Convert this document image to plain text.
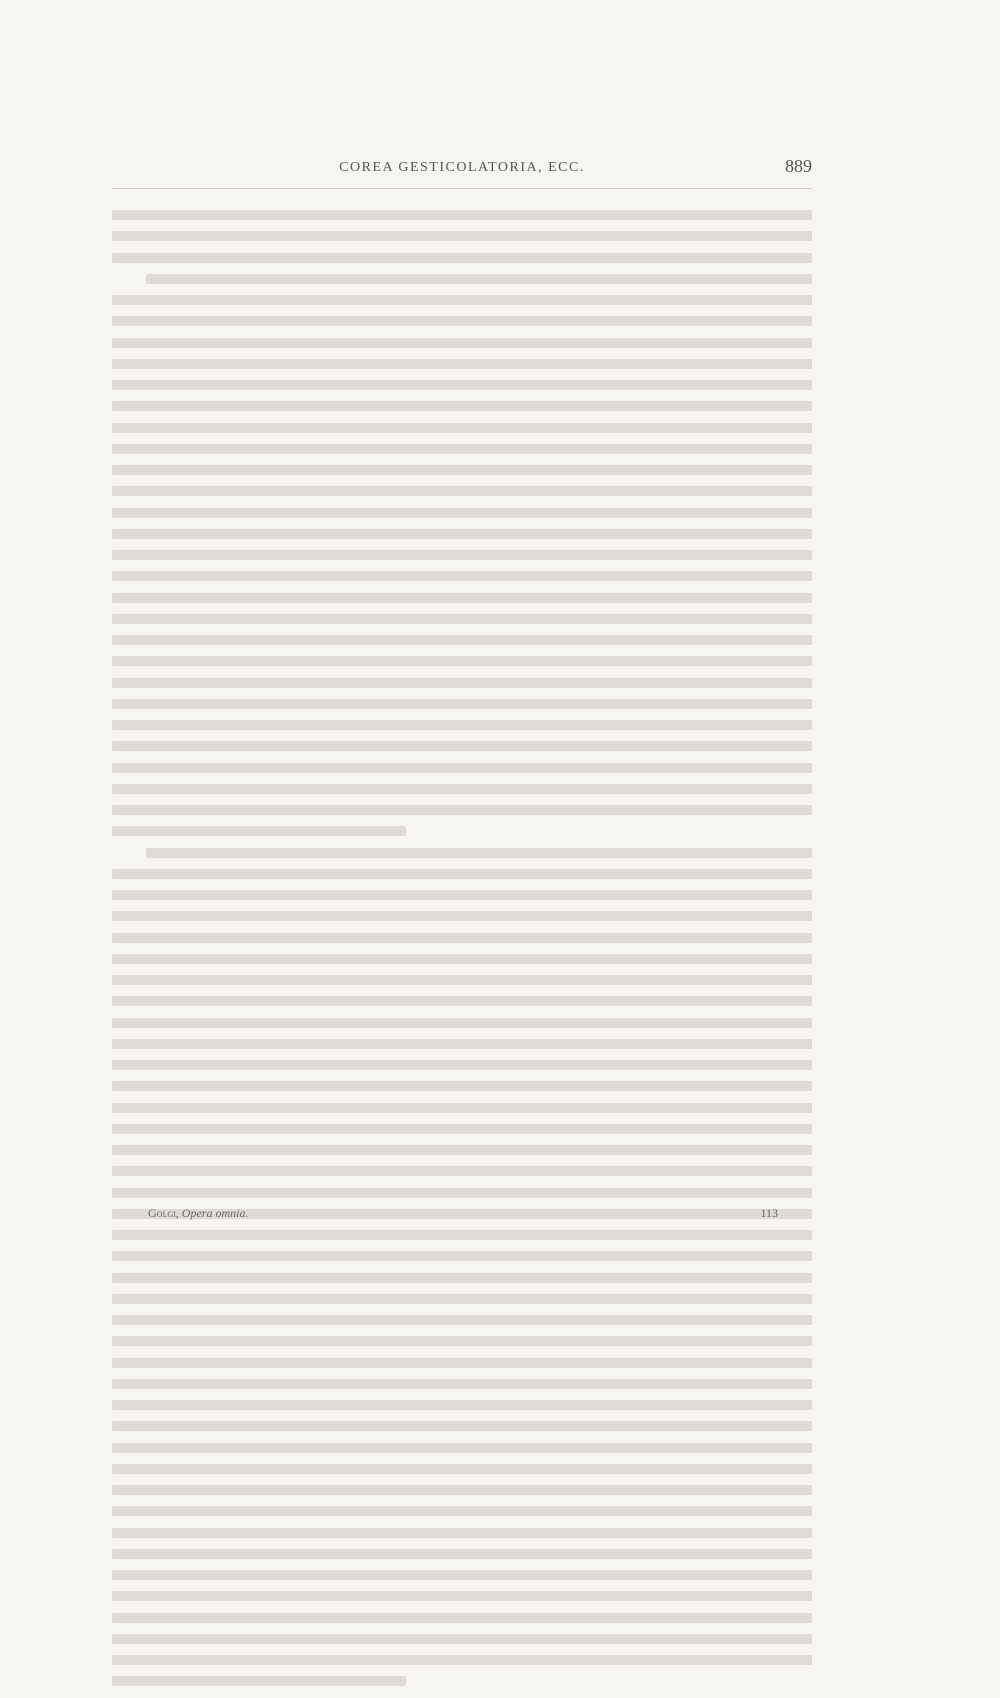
COREA GESTICOLATORIA, ECC.	889
Golgi, Opera omnia.	113
